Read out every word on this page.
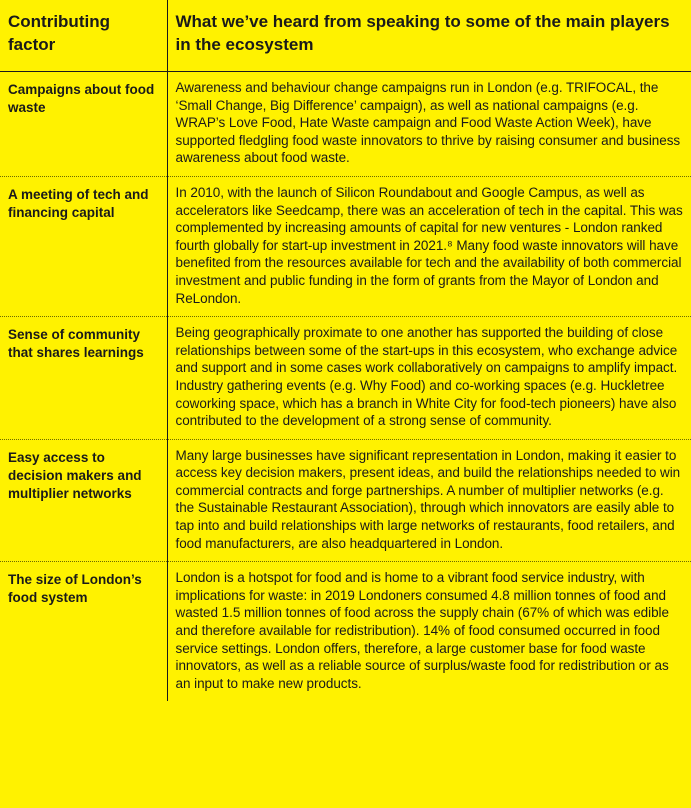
Contributing factor	What we’ve heard from speaking to some of the main players in the ecosystem
Campaigns about food waste	Awareness and behaviour change campaigns run in London (e.g. TRIFOCAL, the ‘Small Change, Big Difference’ campaign), as well as national campaigns (e.g. WRAP’s Love Food, Hate Waste campaign and Food Waste Action Week), have supported fledgling food waste innovators to thrive by raising consumer and business awareness about food waste.
A meeting of tech and financing capital	In 2010, with the launch of Silicon Roundabout and Google Campus, as well as accelerators like Seedcamp, there was an acceleration of tech in the capital. This was complemented by increasing amounts of capital for new ventures - London ranked fourth globally for start-up investment in 2021.⁸ Many food waste innovators will have benefited from the resources available for tech and the availability of both commercial investment and public funding in the form of grants from the Mayor of London and ReLondon.
Sense of community that shares learnings	Being geographically proximate to one another has supported the building of close relationships between some of the start-ups in this ecosystem, who exchange advice and support and in some cases work collaboratively on campaigns to amplify impact. Industry gathering events (e.g. Why Food) and co-working spaces (e.g. Huckletree coworking space, which has a branch in White City for food-tech pioneers) have also contributed to the development of a strong sense of community.
Easy access to decision makers and multiplier networks	Many large businesses have significant representation in London, making it easier to access key decision makers, present ideas, and build the relationships needed to win commercial contracts and forge partnerships. A number of multiplier networks (e.g. the Sustainable Restaurant Association), through which innovators are easily able to tap into and build relationships with large networks of restaurants, food retailers, and food manufacturers, are also headquartered in London.
The size of London’s food system	London is a hotspot for food and is home to a vibrant food service industry, with implications for waste: in 2019 Londoners consumed 4.8 million tonnes of food and wasted 1.5 million tonnes of food across the supply chain (67% of which was edible and therefore available for redistribution). 14% of food consumed occurred in food service settings. London offers, therefore, a large customer base for food waste innovators, as well as a reliable source of surplus/waste food for redistribution or as an input to make new products.
